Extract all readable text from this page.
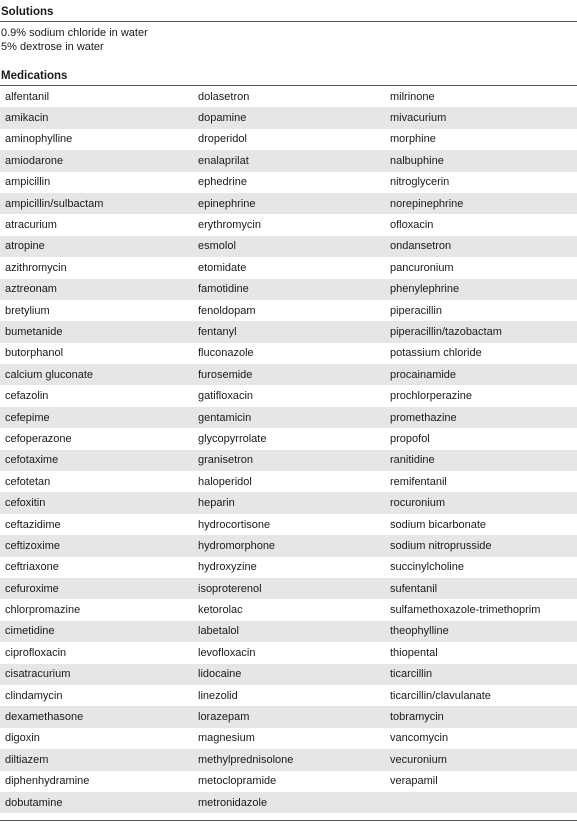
Solutions
0.9% sodium chloride in water
5% dextrose in water
Medications
alfentanil	dolasetron	milrinone
amikacin	dopamine	mivacurium
aminophylline	droperidol	morphine
amiodarone	enalaprilat	nalbuphine
ampicillin	ephedrine	nitroglycerin
ampicillin/sulbactam	epinephrine	norepinephrine
atracurium	erythromycin	ofloxacin
atropine	esmolol	ondansetron
azithromycin	etomidate	pancuronium
aztreonam	famotidine	phenylephrine
bretylium	fenoldopam	piperacillin
bumetanide	fentanyl	piperacillin/tazobactam
butorphanol	fluconazole	potassium chloride
calcium gluconate	furosemide	procainamide
cefazolin	gatifloxacin	prochlorperazine
cefepime	gentamicin	promethazine
cefoperazone	glycopyrrolate	propofol
cefotaxime	granisetron	ranitidine
cefotetan	haloperidol	remifentanil
cefoxitin	heparin	rocuronium
ceftazidime	hydrocortisone	sodium bicarbonate
ceftizoxime	hydromorphone	sodium nitroprusside
ceftriaxone	hydroxyzine	succinylcholine
cefuroxime	isoproterenol	sufentanil
chlorpromazine	ketorolac	sulfamethoxazole-trimethoprim
cimetidine	labetalol	theophylline
ciprofloxacin	levofloxacin	thiopental
cisatracurium	lidocaine	ticarcillin
clindamycin	linezolid	ticarcillin/clavulanate
dexamethasone	lorazepam	tobramycin
digoxin	magnesium	vancomycin
diltiazem	methylprednisolone	vecuronium
diphenhydramine	metoclopramide	verapamil
dobutamine	metronidazole	
